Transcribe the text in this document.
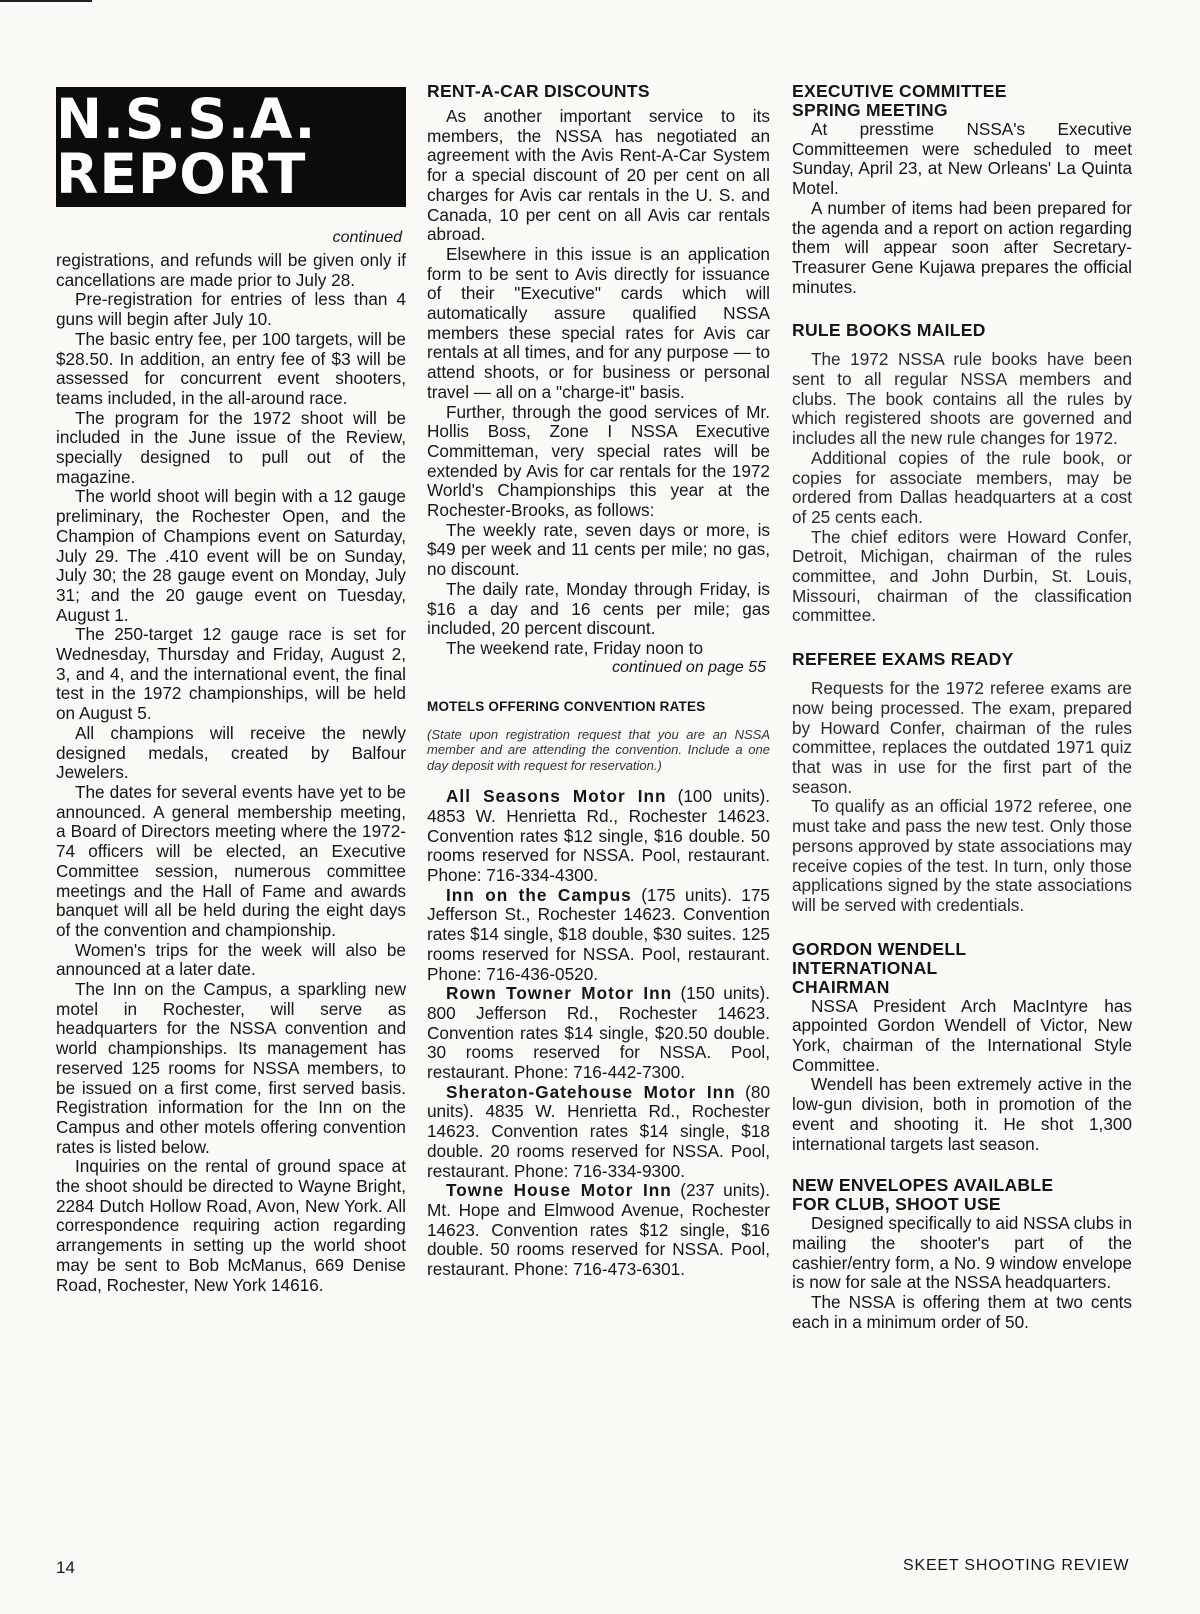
N.S.S.A. REPORT
continued

registrations, and refunds will be given only if cancellations are made prior to July 28.

Pre-registration for entries of less than 4 guns will begin after July 10.

The basic entry fee, per 100 targets, will be $28.50. In addition, an entry fee of $3 will be assessed for concurrent event shooters, teams included, in the all-around race.

The program for the 1972 shoot will be included in the June issue of the Review, specially designed to pull out of the magazine.

The world shoot will begin with a 12 gauge preliminary, the Rochester Open, and the Champion of Champions event on Saturday, July 29. The .410 event will be on Sunday, July 30; the 28 gauge event on Monday, July 31; and the 20 gauge event on Tuesday, August 1.

The 250-target 12 gauge race is set for Wednesday, Thursday and Friday, August 2, 3, and 4, and the international event, the final test in the 1972 championships, will be held on August 5.

All champions will receive the newly designed medals, created by Balfour Jewelers.

The dates for several events have yet to be announced. A general membership meeting, a Board of Directors meeting where the 1972-74 officers will be elected, an Executive Committee session, numerous committee meetings and the Hall of Fame and awards banquet will all be held during the eight days of the convention and championship.

Women's trips for the week will also be announced at a later date.

The Inn on the Campus, a sparkling new motel in Rochester, will serve as headquarters for the NSSA convention and world championships. Its management has reserved 125 rooms for NSSA members, to be issued on a first come, first served basis. Registration information for the Inn on the Campus and other motels offering convention rates is listed below.

Inquiries on the rental of ground space at the shoot should be directed to Wayne Bright, 2284 Dutch Hollow Road, Avon, New York. All correspondence requiring action regarding arrangements in setting up the world shoot may be sent to Bob McManus, 669 Denise Road, Rochester, New York 14616.

RENT-A-CAR DISCOUNTS

As another important service to its members, the NSSA has negotiated an agreement with the Avis Rent-A-Car System for a special discount of 20 per cent on all charges for Avis car rentals in the U. S. and Canada, 10 per cent on all Avis car rentals abroad.

Elsewhere in this issue is an application form to be sent to Avis directly for issuance of their "Executive" cards which will automatically assure qualified NSSA members these special rates for Avis car rentals at all times, and for any purpose — to attend shoots, or for business or personal travel — all on a "charge-it" basis.

Further, through the good services of Mr. Hollis Boss, Zone I NSSA Executive Committeman, very special rates will be extended by Avis for car rentals for the 1972 World's Championships this year at the Rochester-Brooks, as follows:

The weekly rate, seven days or more, is $49 per week and 11 cents per mile; no gas, no discount.

The daily rate, Monday through Friday, is $16 a day and 16 cents per mile; gas included, 20 percent discount.

The weekend rate, Friday noon to

continued on page 55
MOTELS OFFERING CONVENTION RATES

(State upon registration request that you are an NSSA member and are attending the convention. Include a one day deposit with request for reservation.)

All Seasons Motor Inn (100 units). 4853 W. Henrietta Rd., Rochester 14623. Convention rates $12 single, $16 double. 50 rooms reserved for NSSA. Pool, restaurant. Phone: 716-334-4300.

Inn on the Campus (175 units). 175 Jefferson St., Rochester 14623. Convention rates $14 single, $18 double, $30 suites. 125 rooms reserved for NSSA. Pool, restaurant. Phone: 716-436-0520.

Rown Towner Motor Inn (150 units). 800 Jefferson Rd., Rochester 14623. Convention rates $14 single, $20.50 double. 30 rooms reserved for NSSA. Pool, restaurant. Phone: 716-442-7300.

Sheraton-Gatehouse Motor Inn (80 units). 4835 W. Henrietta Rd., Rochester 14623. Convention rates $14 single, $18 double. 20 rooms reserved for NSSA. Pool, restaurant. Phone: 716-334-9300.

Towne House Motor Inn (237 units). Mt. Hope and Elmwood Avenue, Rochester 14623. Convention rates $12 single, $16 double. 50 rooms reserved for NSSA. Pool, restaurant. Phone: 716-473-6301.

EXECUTIVE COMMITTEE
SPRING MEETING

At presstime NSSA's Executive Committeemen were scheduled to meet Sunday, April 23, at New Orleans' La Quinta Motel.

A number of items had been prepared for the agenda and a report on action regarding them will appear soon after Secretary-Treasurer Gene Kujawa prepares the official minutes.

RULE BOOKS MAILED

The 1972 NSSA rule books have been sent to all regular NSSA members and clubs. The book contains all the rules by which registered shoots are governed and includes all the new rule changes for 1972.

Additional copies of the rule book, or copies for associate members, may be ordered from Dallas headquarters at a cost of 25 cents each.

The chief editors were Howard Confer, Detroit, Michigan, chairman of the rules committee, and John Durbin, St. Louis, Missouri, chairman of the classification committee.

REFEREE EXAMS READY

Requests for the 1972 referee exams are now being processed. The exam, prepared by Howard Confer, chairman of the rules committee, replaces the outdated 1971 quiz that was in use for the first part of the season.

To qualify as an official 1972 referee, one must take and pass the new test. Only those persons approved by state associations may receive copies of the test. In turn, only those applications signed by the state associations will be served with credentials.

GORDON WENDELL
INTERNATIONAL
CHAIRMAN

NSSA President Arch MacIntyre has appointed Gordon Wendell of Victor, New York, chairman of the International Style Committee.

Wendell has been extremely active in the low-gun division, both in promotion of the event and shooting it. He shot 1,300 international targets last season.

NEW ENVELOPES AVAILABLE
FOR CLUB, SHOOT USE

Designed specifically to aid NSSA clubs in mailing the shooter's part of the cashier/entry form, a No. 9 window envelope is now for sale at the NSSA headquarters.

The NSSA is offering them at two cents each in a minimum order of 50.

14	SKEET SHOOTING REVIEW
